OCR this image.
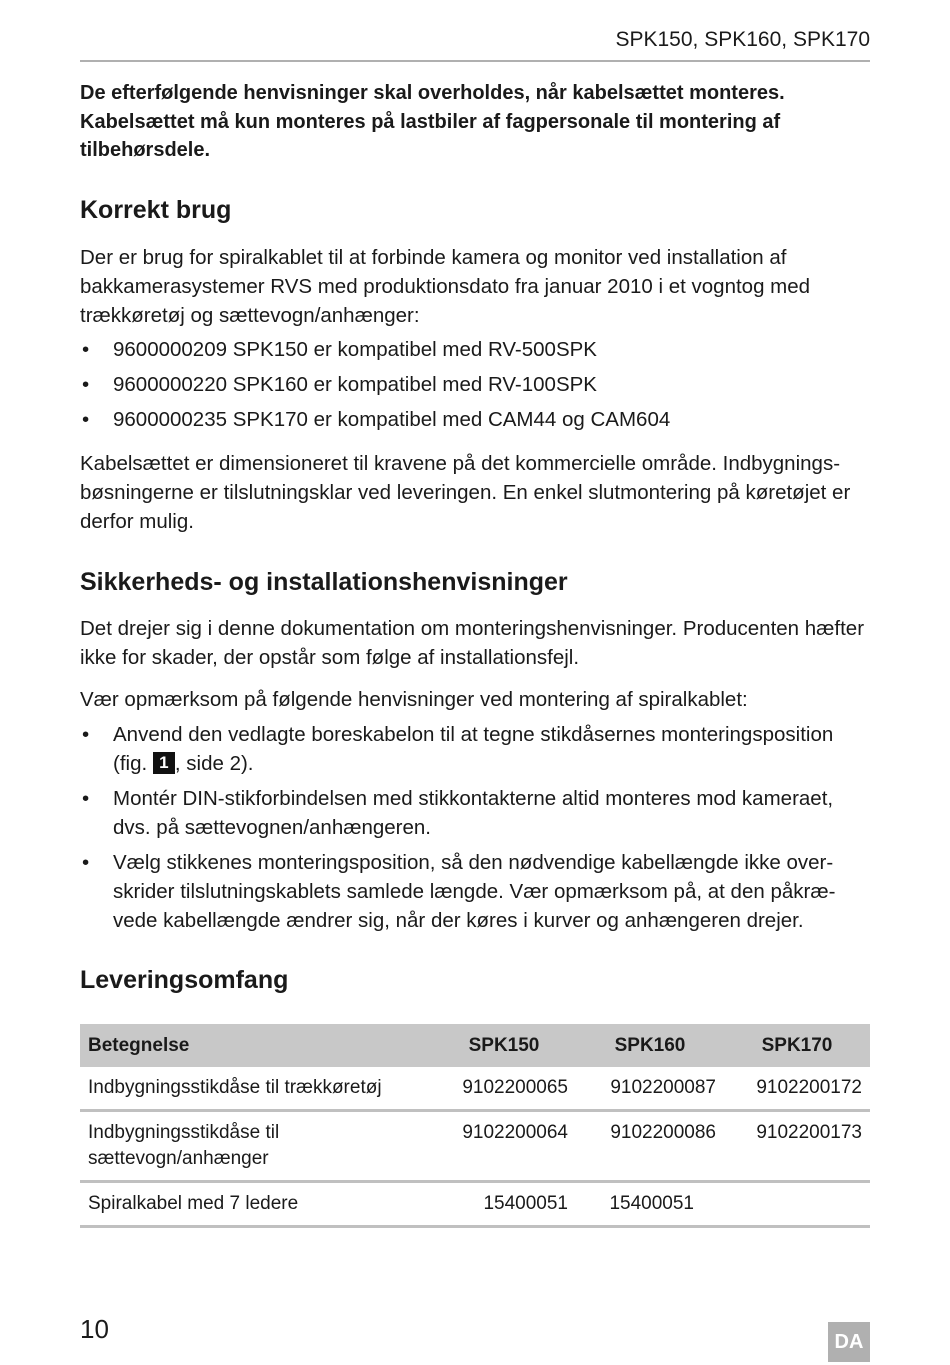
SPK150, SPK160, SPK170
De efterfølgende henvisninger skal overholdes, når kabelsættet monteres. Kabelsættet må kun monteres på lastbiler af fagpersonale til montering af tilbehørsdele.
Korrekt brug

Der er brug for spiralkablet til at forbinde kamera og monitor ved installation af bakkamerasystemer RVS med produktionsdato fra januar 2010 i et vogntog med trækkøretøj og sættevogn/anhænger:

• 9600000209 SPK150 er kompatibel med RV-500SPK
• 9600000220 SPK160 er kompatibel med RV-100SPK
• 9600000235 SPK170 er kompatibel med CAM44 og CAM604

Kabelsættet er dimensioneret til kravene på det kommercielle område. Indbygningsbøsningerne er tilslutningsklar ved leveringen. En enkel slutmontering på køretøjet er derfor mulig.

Sikkerheds- og installationshenvisninger

Det drejer sig i denne dokumentation om monteringshenvisninger. Producenten hæfter ikke for skader, der opstår som følge af installationsfejl.

Vær opmærksom på følgende henvisninger ved montering af spiralkablet:

• Anvend den vedlagte boreskabelon til at tegne stikdåsernes monteringsposition (fig. 1 , side 2).
• Montér DIN-stikforbindelsen med stikkontakterne altid monteres mod kameraet, dvs. på sættevognen/anhængeren.
• Vælg stikkenes monteringsposition, så den nødvendige kabellængde ikke overskrider tilslutningskablets samlede længde. Vær opmærksom på, at den påkrævede kabellængde ændrer sig, når der køres i kurver og anhængeren drejer.
Leveringsomfang
Betegnelse	SPK150	SPK160	SPK170
Indbygningsstikdåse til trækkøretøj	9102200065	9102200087	9102200172
Indbygningsstikdåse til sættevogn/anhænger	9102200064	9102200086	9102200173
Spiralkabel med 7 ledere	15400051	15400051	
10	DA
